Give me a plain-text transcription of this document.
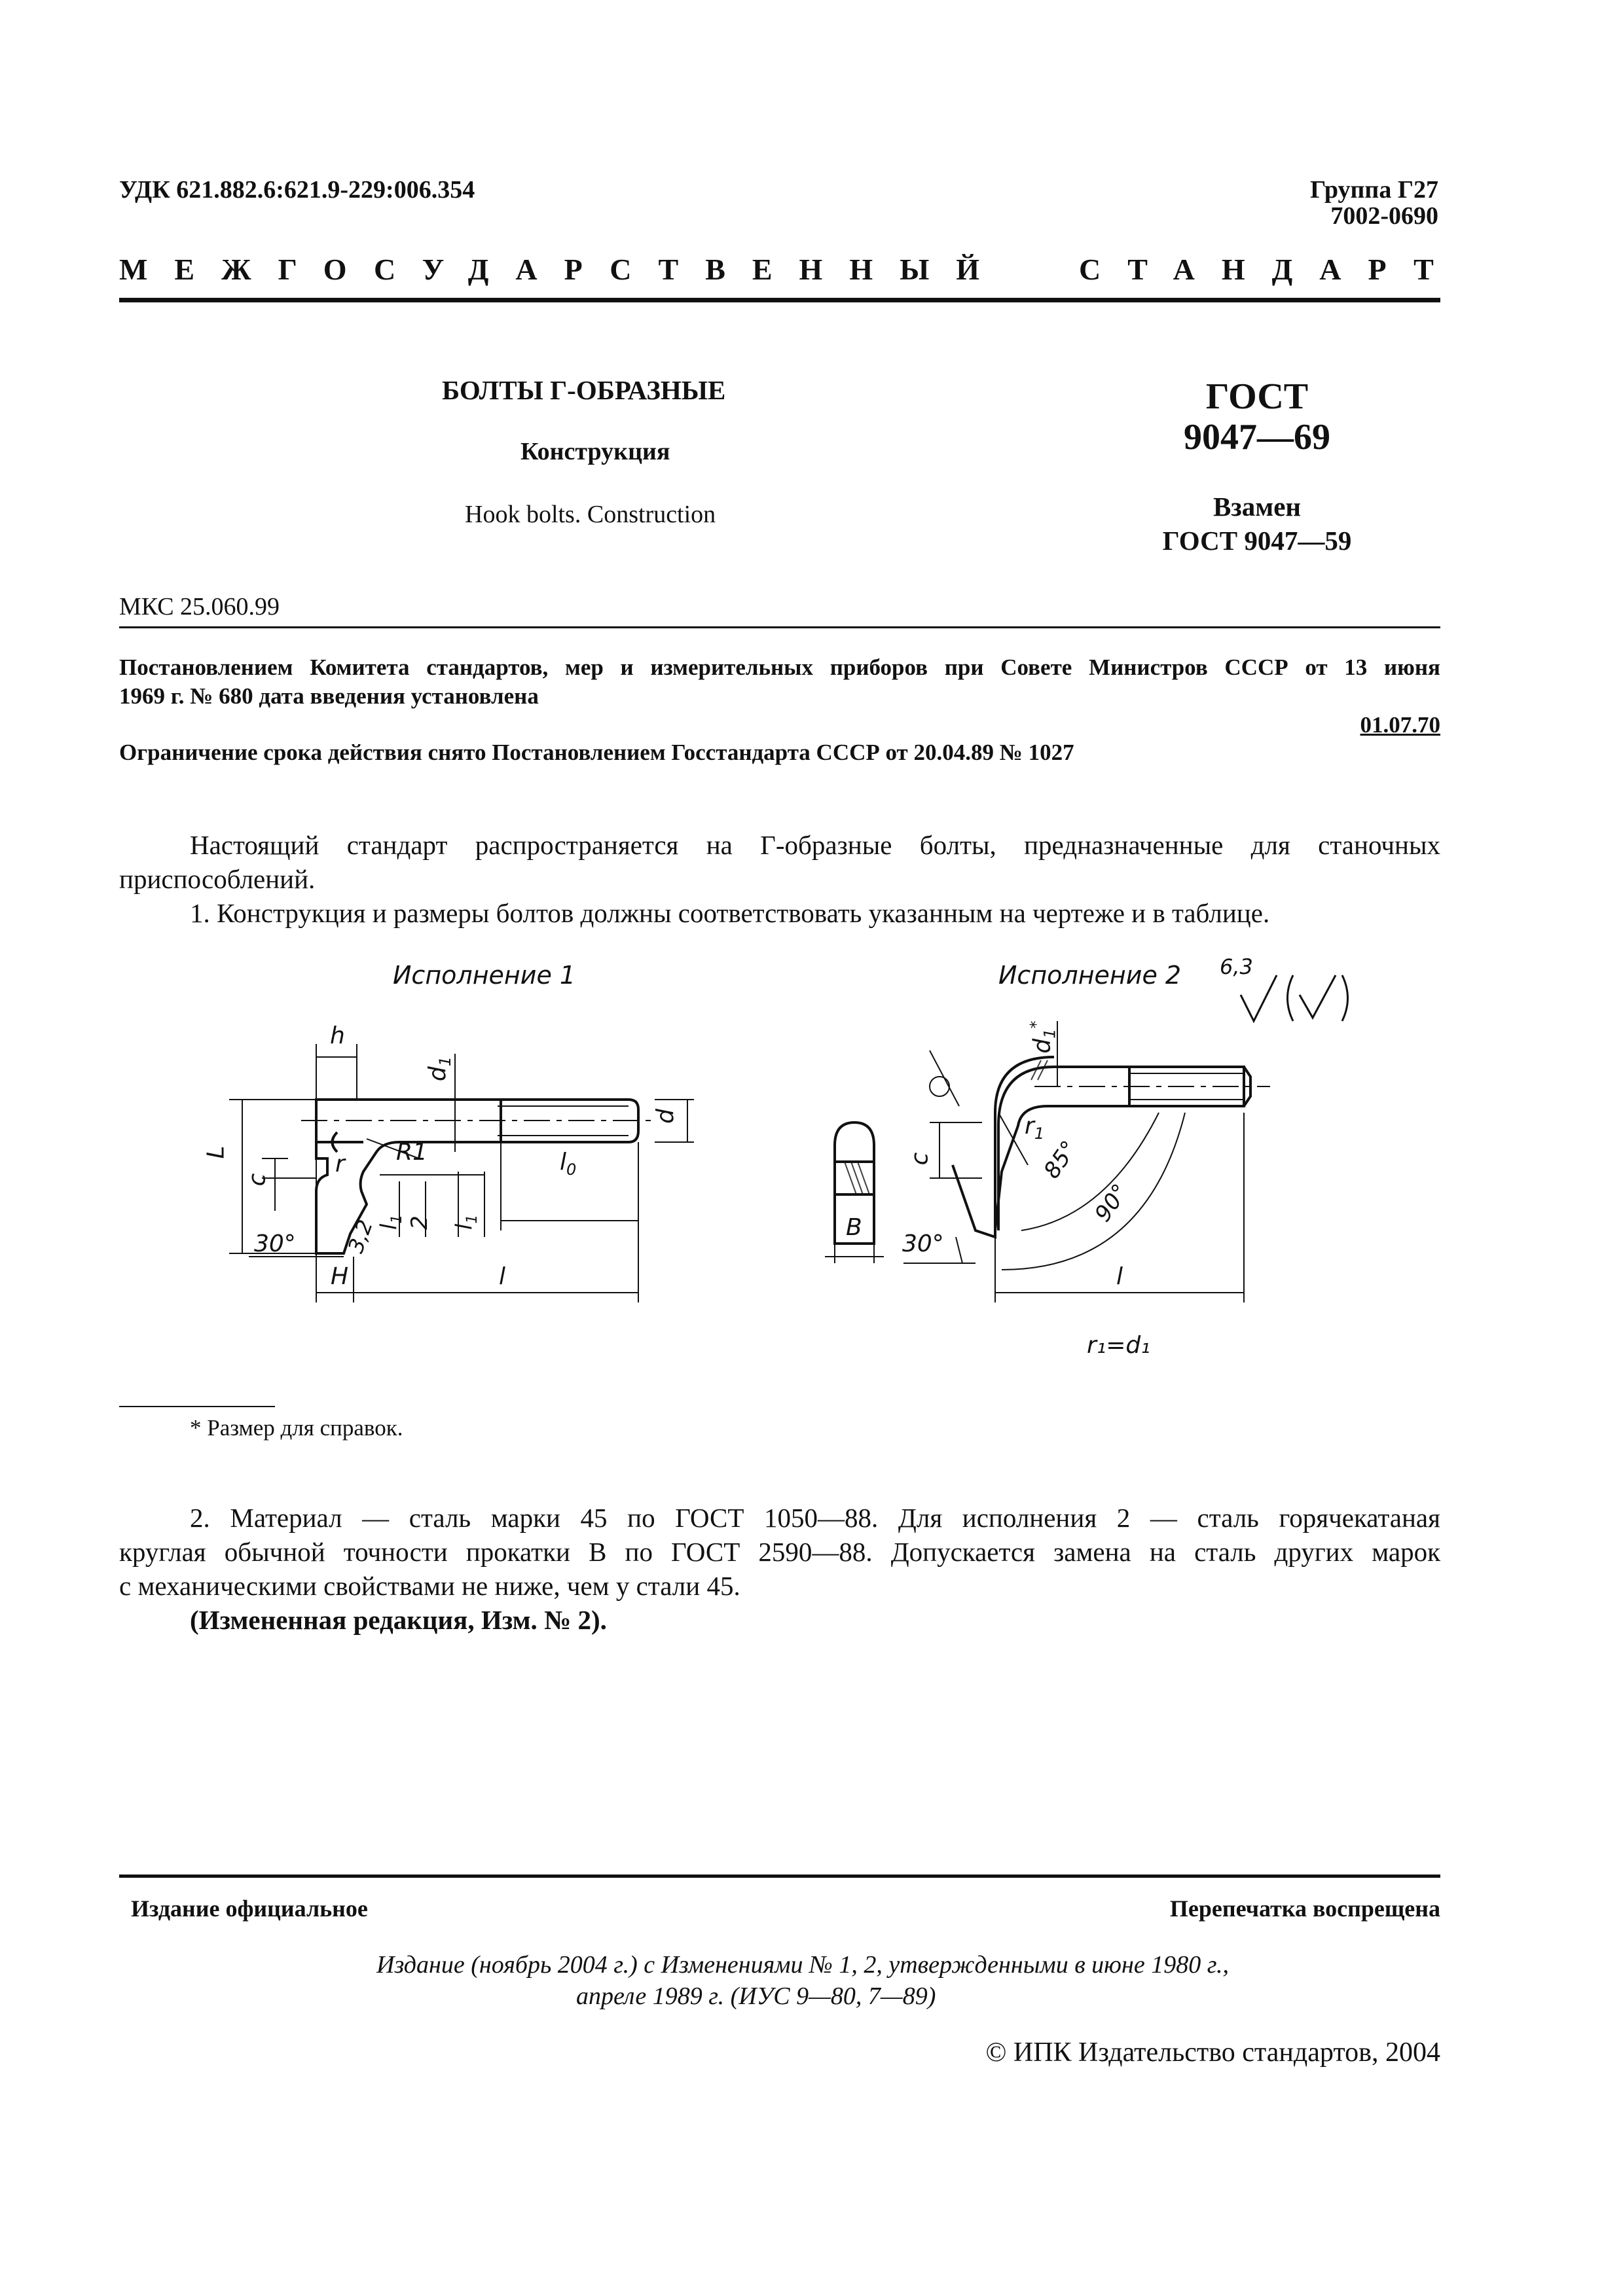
УДК 621.882.6:621.9-229:006.354	Группа Г27
7002-0690
МЕЖГОСУДАРСТВЕННЫЙ СТАНДАРТ
БОЛТЫ Г-ОБРАЗНЫЕ
Конструкция
Hook bolts. Construction
ГОСТ
9047—69
Взамен
ГОСТ 9047—59
МКС 25.060.99
Постановлением Комитета стандартов, мер и измерительных приборов при Совете Министров СССР от 13 июня
1969 г. № 680 дата введения установлена
01.07.70
Ограничение срока действия снято Постановлением Госстандарта СССР от 20.04.89 № 1027
Настоящий стандарт распространяется на Г-образные болты, предназначенные для станочных
приспособлений.
1. Конструкция и размеры болтов должны соответствовать указанным на чертеже и в таблице.
Исполнение 1	Исполнение 2 6,3
h
$d_1$
d
L
c
r R1	$l_0$
$l_1$ 2 $l_1$
H
3,2
30°
l
B
c
30°
$r_1$
85°
90°
$d_1^*$
l
r₁=d₁
* Размер для справок.
2. Материал — сталь марки 45 по ГОСТ 1050—88. Для исполнения 2 — сталь горячекатаная
круглая обычной точности прокатки В по ГОСТ 2590—88. Допускается замена на сталь других марок
с механическими свойствами не ниже, чем у стали 45.
(Измененная редакция, Изм. № 2).
Издание официальное	Перепечатка воспрещена
Издание (ноябрь 2004 г.) с Изменениями № 1, 2, утвержденными в июне 1980 г.,
апреле 1989 г. (ИУС 9—80, 7—89)
© ИПК Издательство стандартов, 2004
